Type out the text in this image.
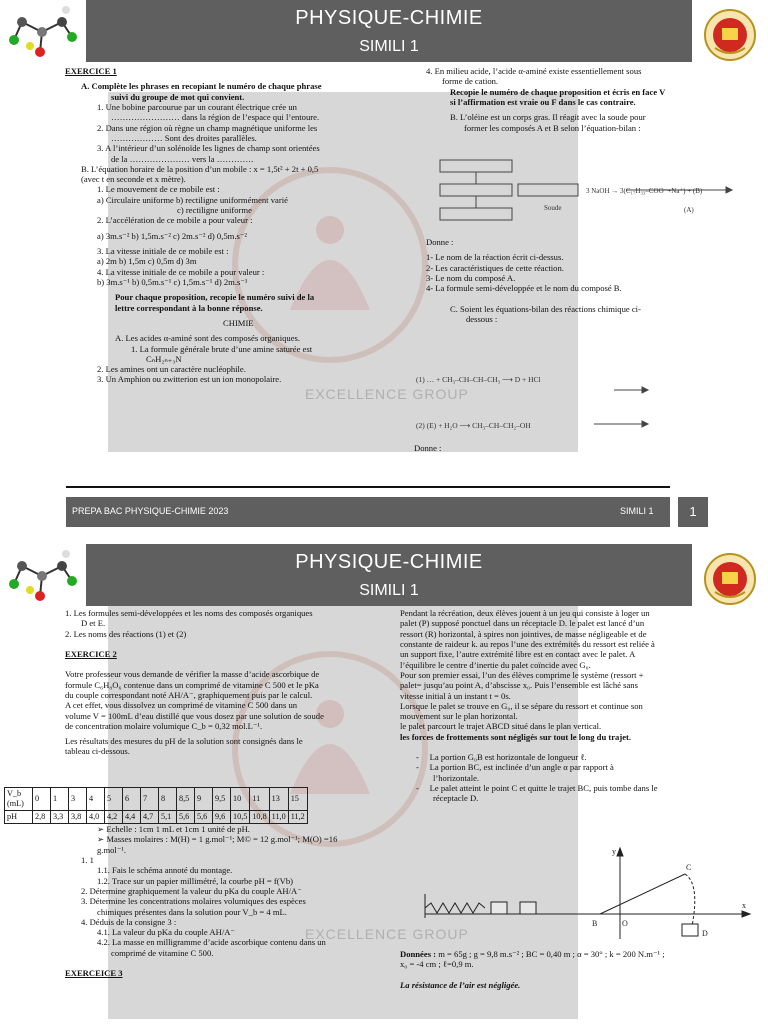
EXCELLENCE GROUP
PHYSIQUE-CHIMIE
SIMILI 1
EXERCICE 1
A. Complète les phrases en recopiant le numéro de chaque phrase
suivi du groupe de mot qui convient.
1. Une bobine parcourue par un courant électrique crée un
…………………… dans la région de l’espace qui l’entoure.
2. Dans une région où règne un champ magnétique uniforme les
……………… Sont des droites parallèles.
3. A l’intérieur d’un solénoïde les lignes de champ sont orientées
de la ………………… vers la ………….
B. L’équation horaire de la position d’un mobile : x = 1,5t² + 2t + 0,5
(avec t en seconde et x mètre).
1. Le mouvement de ce mobile est :
a) Circulaire uniforme b) rectiligne uniformément varié
c) rectiligne uniforme
2. L’accélération de ce mobile a pour valeur :
a) 3m.s⁻² b) 1,5m.s⁻² c) 2m.s⁻² d) 0,5m.s⁻²
3. La vitesse initiale de ce mobile est :
a) 2m b) 1,5m c) 0,5m d) 3m
4. La vitesse initiale de ce mobile a pour valeur :
b) 3m.s⁻¹ b) 0,5m.s⁻¹ c) 1,5m.s⁻¹ d) 2m.s⁻¹
Pour chaque proposition, recopie le numéro suivi de la
lettre correspondant à la bonne réponse.
CHIMIE
A. Les acides α-aminé sont des composés organiques.
1. La formule générale brute d’une amine saturée est
CₙH₂ₙ₊₃N
2. Les amines ont un caractère nucléophile.
3. Un Amphion ou zwitterion est un ion monopolaire.
4. En milieu acide, l’acide α-aminé existe essentiellement sous
forme de cation.
Recopie le numéro de chaque proposition et écris en face V
si l’affirmation est vraie ou F dans le cas contraire.
B. L’oléine est un corps gras. Il réagit avec la soude pour
former les composés A et B selon l’équation-bilan :
3 NaOH → 3(C₁₇H₃₃–COO⁻+Na⁺) + (B)
Soude	(A)
Donne :
1- Le nom de la réaction écrit ci-dessus.
2- Les caractéristiques de cette réaction.
3- Le nom du composé A.
4- La formule semi-développée et le nom du composé B.
C. Soient les équations-bilan des réactions chimique ci-
dessous :
(1) … + CH₃–CH–CH–CH₃ ⟶ D + HCl
(2) (E) + H₂O ⟶ CH₃–CH–CH₂–OH
Donne :
PREPA BAC PHYSIQUE-CHIMIE 2023	SIMILI 1	1
EXCELLENCE GROUP
PHYSIQUE-CHIMIE
SIMILI 1
1. Les formules semi-développées et les noms des composés organiques
D et E.
2. Les noms des réactions (1) et (2)
EXERCICE 2
Votre professeur vous demande de vérifier la masse d’acide ascorbique de
formule C₆H₈O₆ contenue dans un comprimé de vitamine C 500 et le pKa
du couple correspondant noté AH/A⁻, graphiquement puis par le calcul.
A cet effet, vous dissolvez un comprimé de vitamine C 500 dans un
volume V = 100mL d’eau distillé que vous dosez par une solution de soude
de concentration molaire volumique C_b = 0,32 mol.L⁻¹.
Les résultats des mesures du pH de la solution sont consignés dans le
tableau ci-dessous.
V_b (mL)	0	1	3	4	5	6	7	8	8,5	9	9,5	10	11	13	15
pH	2,8	3,3	3,8	4,0	4,2	4,4	4,7	5,1	5,6	5,6	9,6	10,5	10,8	11,0	11,2
➢ Echelle : 1cm 1 mL et 1cm 1 unité de pH.
➢ Masses molaires : M(H) = 1 g.mol⁻¹; M© = 12 g.mol⁻¹; M(O) =16
g.mol⁻¹.
1. 1
1.1. Fais le schéma annoté du montage.
1.2. Trace sur un papier millimétré, la courbe pH = f(Vb)
2. Détermine graphiquement la valeur du pKa du couple AH/A⁻
3. Détermine les concentrations molaires volumiques des espèces
chimiques présentes dans la solution pour V_b = 4 mL.
4. Déduis de la consigne 3 :
4.1. La valeur du pKa du couple AH/A⁻
4.2. La masse en milligramme d’acide ascorbique contenu dans un
comprimé de vitamine C 500.
EXERCEICE 3
Pendant la récréation, deux élèves jouent à un jeu qui consiste à loger un
palet (P) supposé ponctuel dans un réceptacle D. le palet est lancé d’un
ressort (R) horizontal, à spires non jointives, de masse négligeable et de
constante de raideur k. au repos l’une des extrémités du ressort est reliée à
un support fixe, l’autre extrémité libre est en contact avec le palet. A
l’équilibre le centre d’inertie du palet coïncide avec G₀.
Pour son premier essai, l’un des élèves comprime le système (ressort +
palet= jusqu’au point A, d’abscisse x₀. Puis l’ensemble est lâché sans
vitesse initial à un instant t = 0s.
Lorsque le palet se trouve en G₀, il se sépare du ressort et continue son
mouvement sur le plan horizontal.
le palet parcourt le trajet ABCD situé dans le plan vertical.
les forces de frottements sont négligés sur tout le long du trajet.
-     La portion G₀B est horizontale de longueur ℓ.
-     La portion BC, est inclinée d’un angle α par rapport à
l’horizontale.
-     Le palet atteint le point C et quitte le trajet BC, puis tombe dans le
réceptacle D.
C
B	O
D
x
y
Données : m = 65g ; g = 9,8 m.s⁻² ; BC = 0,40 m ; α = 30° ; k = 200 N.m⁻¹ ;
x₀ = -4 cm ; ℓ=0,9 m.
La résistance de l’air est négligée.
